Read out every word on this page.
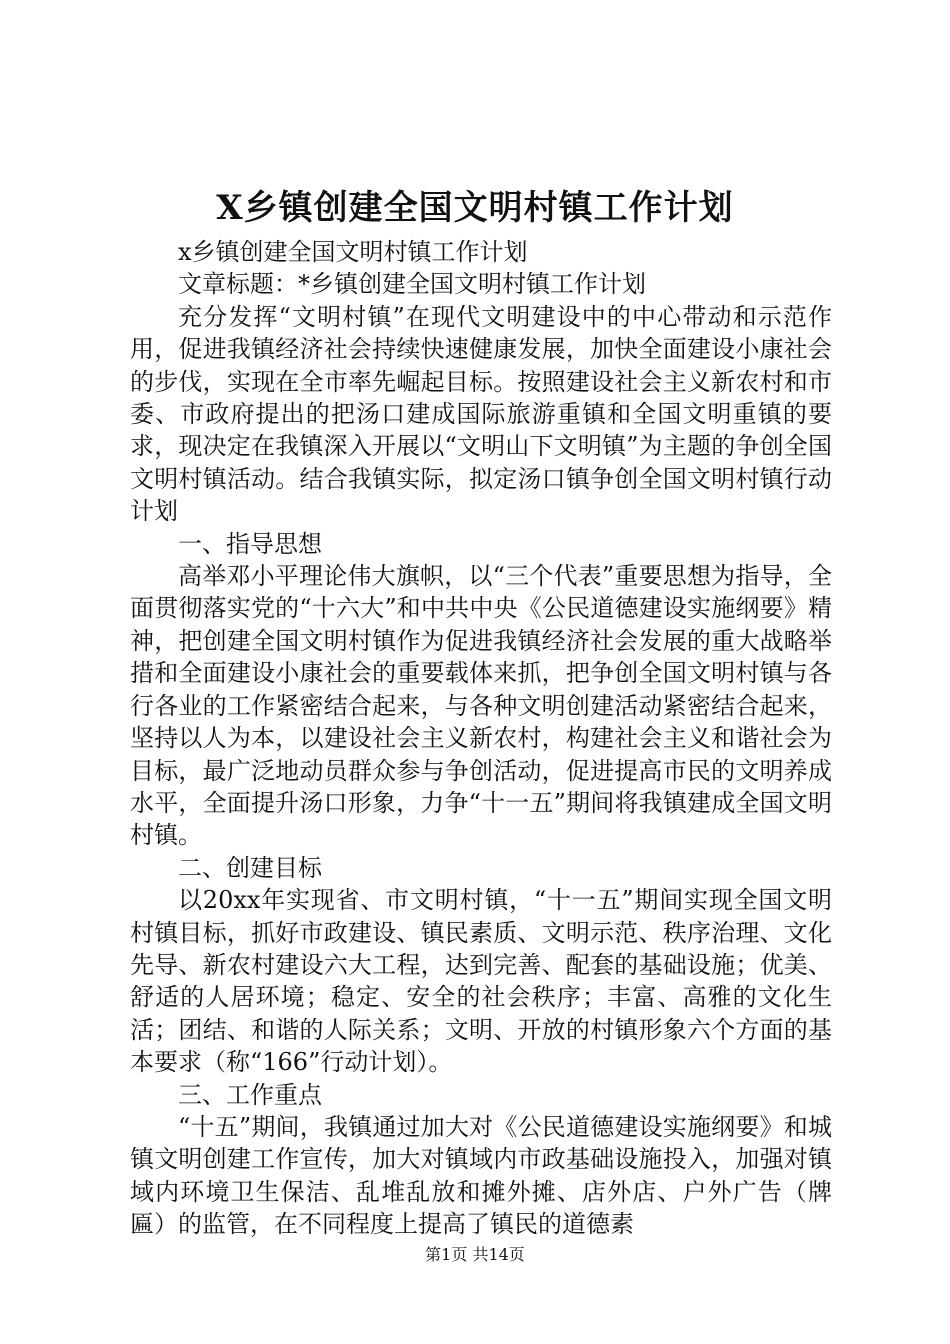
X乡镇创建全国文明村镇工作计划

x乡镇创建全国文明村镇工作计划

文章标题：*乡镇创建全国文明村镇工作计划

充分发挥“文明村镇”在现代文明建设中的中心带动和示范作用，促进我镇经济社会持续快速健康发展，加快全面建设小康社会的步伐，实现在全市率先崛起目标。按照建设社会主义新农村和市委、市政府提出的把汤口建成国际旅游重镇和全国文明重镇的要求，现决定在我镇深入开展以“文明山下文明镇”为主题的争创全国文明村镇活动。结合我镇实际，拟定汤口镇争创全国文明村镇行动计划

一、指导思想

高举邓小平理论伟大旗帜，以“三个代表”重要思想为指导，全面贯彻落实党的“十六大”和中共中央《公民道德建设实施纲要》精神，把创建全国文明村镇作为促进我镇经济社会发展的重大战略举措和全面建设小康社会的重要载体来抓，把争创全国文明村镇与各行各业的工作紧密结合起来，与各种文明创建活动紧密结合起来，坚持以人为本，以建设社会主义新农村，构建社会主义和谐社会为目标，最广泛地动员群众参与争创活动，促进提高市民的文明养成水平，全面提升汤口形象，力争“十一五”期间将我镇建成全国文明村镇。

二、创建目标

以20xx年实现省、市文明村镇，“十一五”期间实现全国文明村镇目标，抓好市政建设、镇民素质、文明示范、秩序治理、文化先导、新农村建设六大工程，达到完善、配套的基础设施；优美、舒适的人居环境；稳定、安全的社会秩序；丰富、高雅的文化生活；团结、和谐的人际关系；文明、开放的村镇形象六个方面的基本要求（称“166”行动计划）。

三、工作重点

“十五”期间，我镇通过加大对《公民道德建设实施纲要》和城镇文明创建工作宣传，加大对镇域内市政基础设施投入，加强对镇域内环境卫生保洁、乱堆乱放和摊外摊、店外店、户外广告（牌匾）的监管，在不同程度上提高了镇民的道德素

第1页 共14页
